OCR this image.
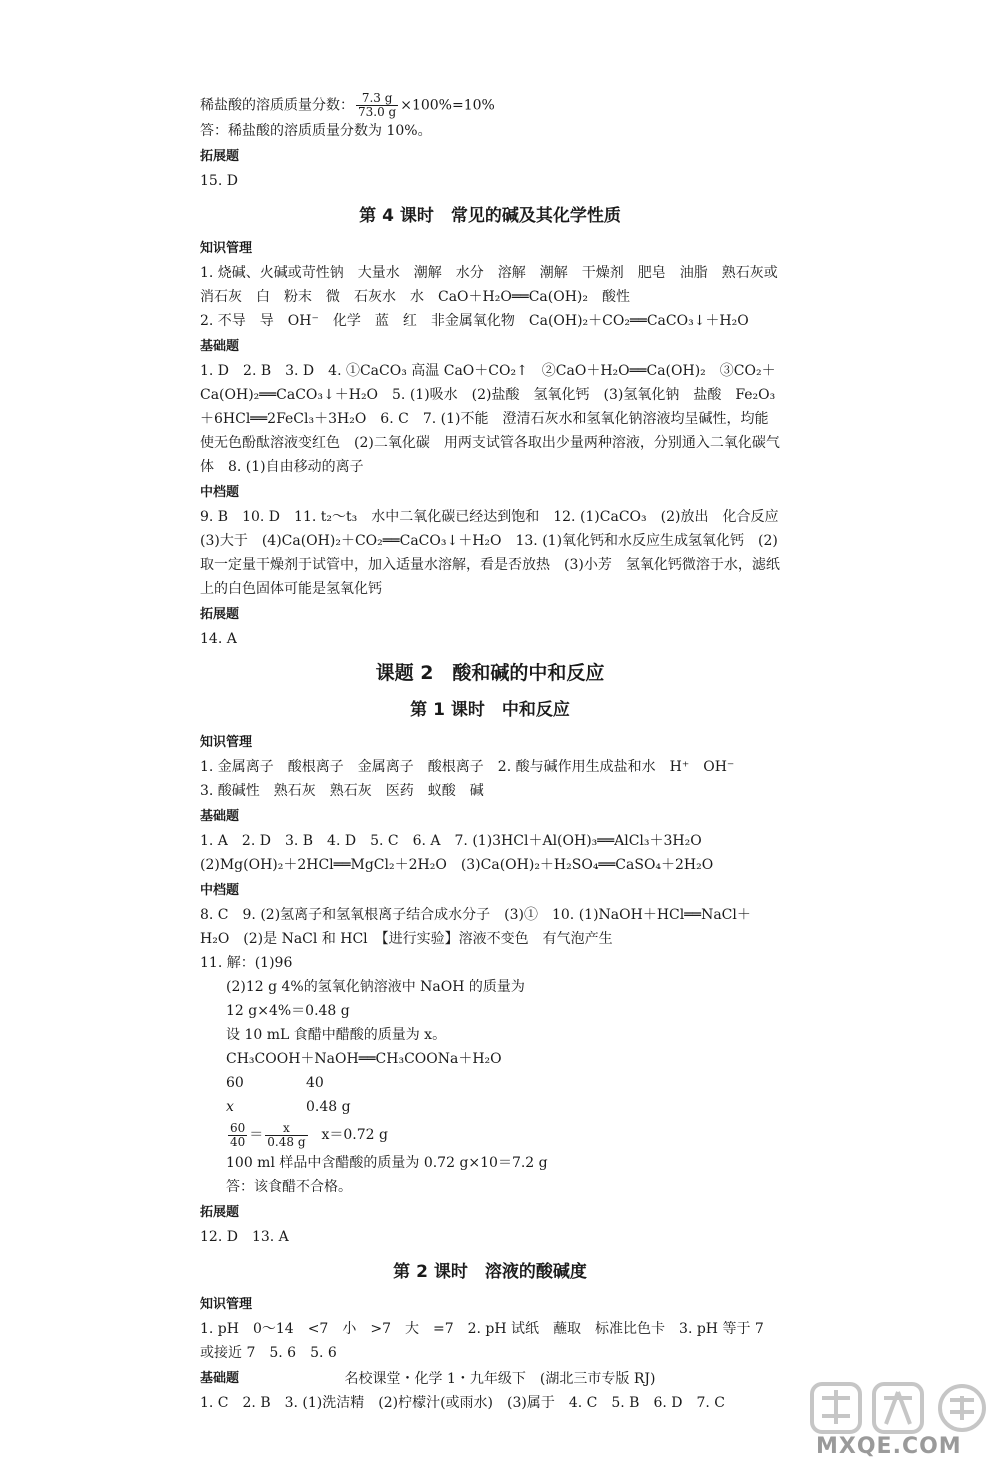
稀盐酸的溶质质量分数： $\frac{7.3 g}{73.0 g} \times 100\%=10\%$

答：稀盐酸的溶质质量分数为 10%。

拓展题

15. D

第 4 课时　常见的碱及其化学性质

知识管理

1. 烧碱、火碱或苛性钠　大量水　潮解　水分　溶解　潮解　干燥剂　肥皂　油脂　熟石灰或消石灰　白　粉末　微　石灰水　水　CaO＋H₂O══Ca(OH)₂　酸性

2. 不导　导　OH⁻　化学　蓝　红　非金属氧化物　Ca(OH)₂＋CO₂══CaCO₃↓＋H₂O

基础题

1. D　2. B　3. D　4. ①CaCO₃ 高温 CaO＋CO₂↑　②CaO＋H₂O══Ca(OH)₂　③CO₂＋Ca(OH)₂══CaCO₃↓＋H₂O　5. (1)吸水　(2)盐酸　氢氧化钙　(3)氢氧化钠　盐酸　Fe₂O₃＋6HCl══2FeCl₃＋3H₂O　6. C　7. (1)不能　澄清石灰水和氢氧化钠溶液均呈碱性，均能使无色酚酞溶液变红色　(2)二氧化碳　用两支试管各取出少量两种溶液，分别通入二氧化碳气体　8. (1)自由移动的离子

中档题

9. B　10. D　11. t₂～t₃　水中二氧化碳已经达到饱和　12. (1)CaCO₃　(2)放出　化合反应　(3)大于　(4)Ca(OH)₂＋CO₂══CaCO₃↓＋H₂O　13. (1)氧化钙和水反应生成氢氧化钙　(2)取一定量干燥剂于试管中，加入适量水溶解，看是否放热　(3)小芳　氢氧化钙微溶于水，滤纸上的白色固体可能是氢氧化钙

拓展题

14. A

课题 2　酸和碱的中和反应
第 1 课时　中和反应

知识管理

1. 金属离子　酸根离子　金属离子　酸根离子　2. 酸与碱作用生成盐和水　H⁺　OH⁻

3. 酸碱性　熟石灰　熟石灰　医药　蚁酸　碱

基础题

1. A　2. D　3. B　4. D　5. C　6. A　7. (1)3HCl＋Al(OH)₃══AlCl₃＋3H₂O　(2)Mg(OH)₂＋2HCl══MgCl₂＋2H₂O　(3)Ca(OH)₂＋H₂SO₄══CaSO₄＋2H₂O

中档题

8. C　9. (2)氢离子和氢氧根离子结合成水分子　(3)①　10. (1)NaOH＋HCl══NaCl＋H₂O　(2)是 NaCl 和 HCl　【进行实验】溶液不变色　有气泡产生

11. 解：(1)96

(2)12 g 4%的氢氧化钠溶液中 NaOH 的质量为

12 g×4%＝0.48 g

设 10 mL 食醋中醋酸的质量为 x。

CH₃COOH＋NaOH══CH₃COONa＋H₂O

60	40

x	0.48 g

$\frac{60}{40} = \frac{x}{0.48 g} x=0.72$ g

100 ml 样品中含醋酸的质量为 0.72 g×10＝7.2 g

答：该食醋不合格。

拓展题

12. D　13. A

第 2 课时　溶液的酸碱度

知识管理

1. pH　0～14　<7　小　>7　大　=7　2. pH 试纸　蘸取　标准比色卡　3. pH 等于 7 或接近 7　5. 6　5. 6

基础题

1. C　2. B　3. (1)洗洁精　(2)柠檬汁(或雨水)　(3)属于　4. C　5. B　6. D　7. C

名校课堂・化学 1・九年级下　(湖北三市专版 RJ)
MXQE.COM
